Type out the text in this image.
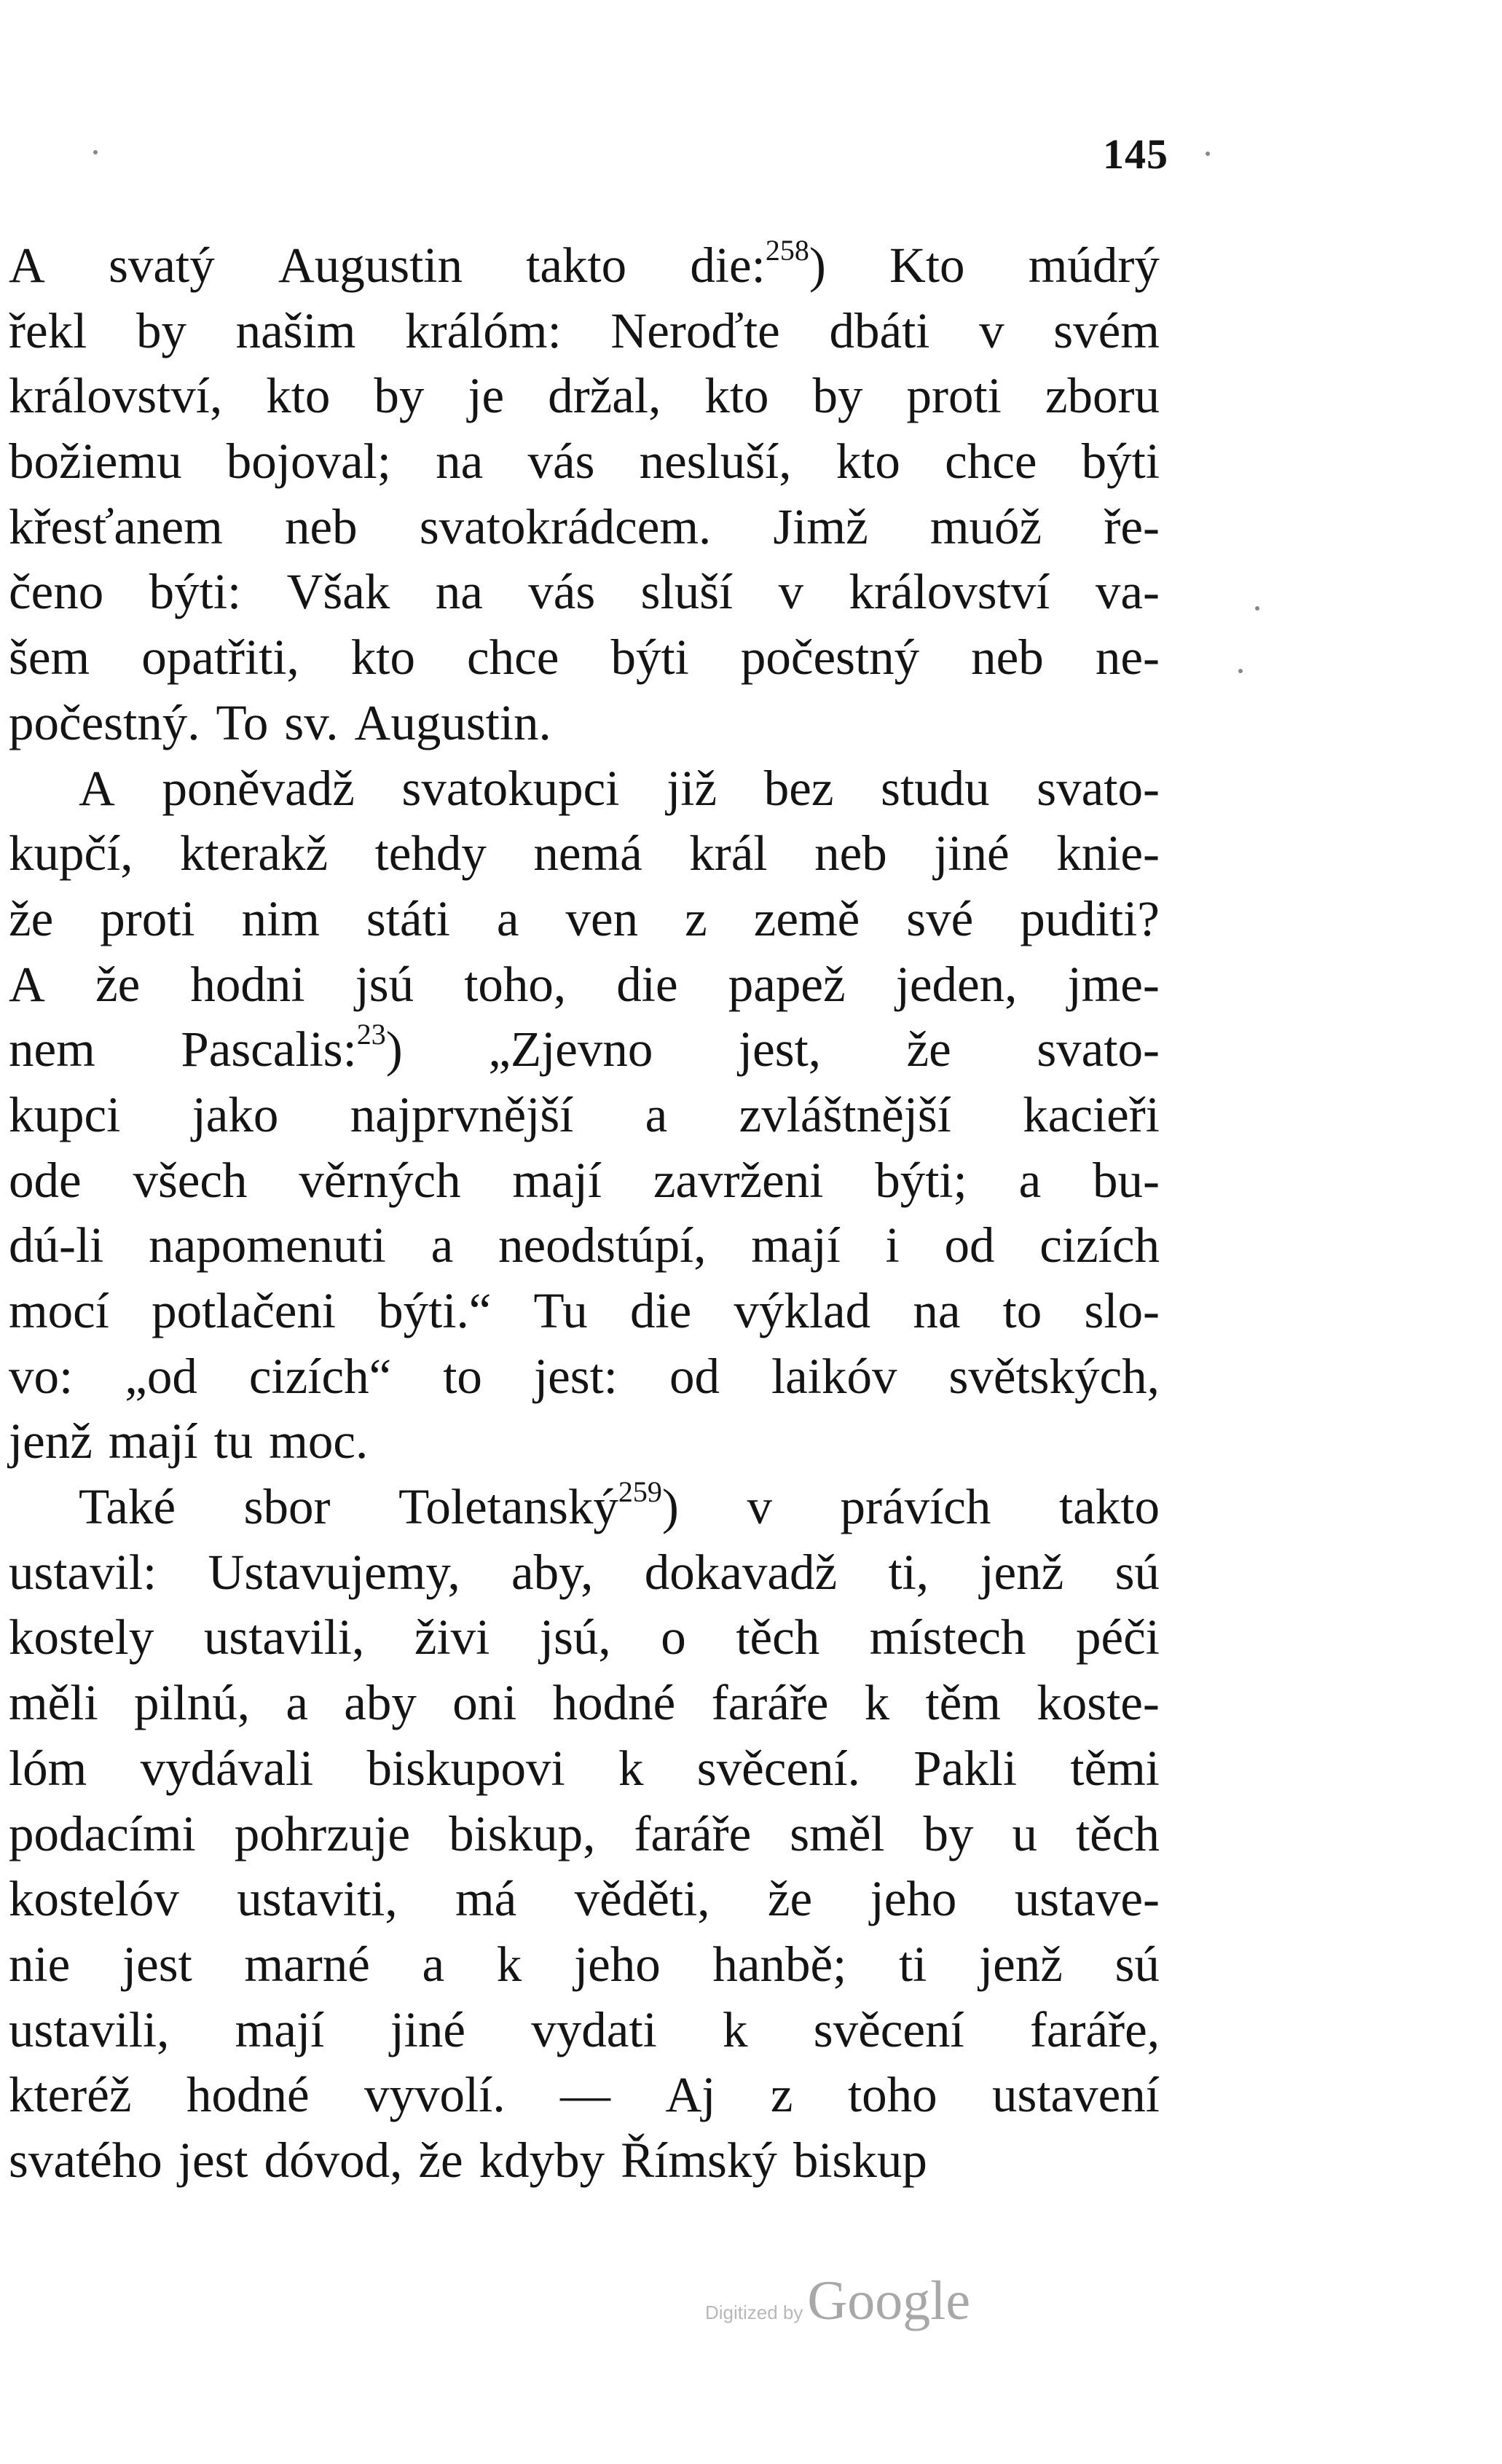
145
A svatý Augustin takto die:$^{258}$) Kto múdrý
řekl by našim králóm: Neroďte dbáti v svém
království, kto by je držal, kto by proti zboru
božiemu bojoval; na vás nesluší, kto chce býti
křesťanem neb svatokrádcem. Jimž muóž ře-
čeno býti: Však na vás sluší v království va-
šem opatřiti, kto chce býti počestný neb ne-
počestný. To sv. Augustin.
A poněvadž svatokupci již bez studu svato-
kupčí, kterakž tehdy nemá král neb jiné knie-
že proti nim státi a ven z země své puditi?
A že hodni jsú toho, die papež jeden, jme-
nem Pascalis:$^{23}$) „Zjevno jest, že svato-
kupci jako najprvnější a zvláštnější kacieři
ode všech věrných mají zavrženi býti; a bu-
dú-li napomenuti a neodstúpí, mají i od cizích
mocí potlačeni býti.“ Tu die výklad na to slo-
vo: „od cizích“ to jest: od laikóv světských,
jenž mají tu moc.
Také sbor Toletanský$^{259}$) v právích takto
ustavil: Ustavujemy, aby, dokavadž ti, jenž sú
kostely ustavili, živi jsú, o těch místech péči
měli pilnú, a aby oni hodné faráře k těm koste-
lóm vydávali biskupovi k svěcení. Pakli těmi
podacími pohrzuje biskup, faráře směl by u těch
kostelóv ustaviti, má věděti, že jeho ustave-
nie jest marné a k jeho hanbě; ti jenž sú
ustavili, mají jiné vydati k svěcení faráře,
kteréž hodné vyvolí. — Aj z toho ustavení
svatého jest dóvod, že kdyby Římský biskup
Digitized by Google
